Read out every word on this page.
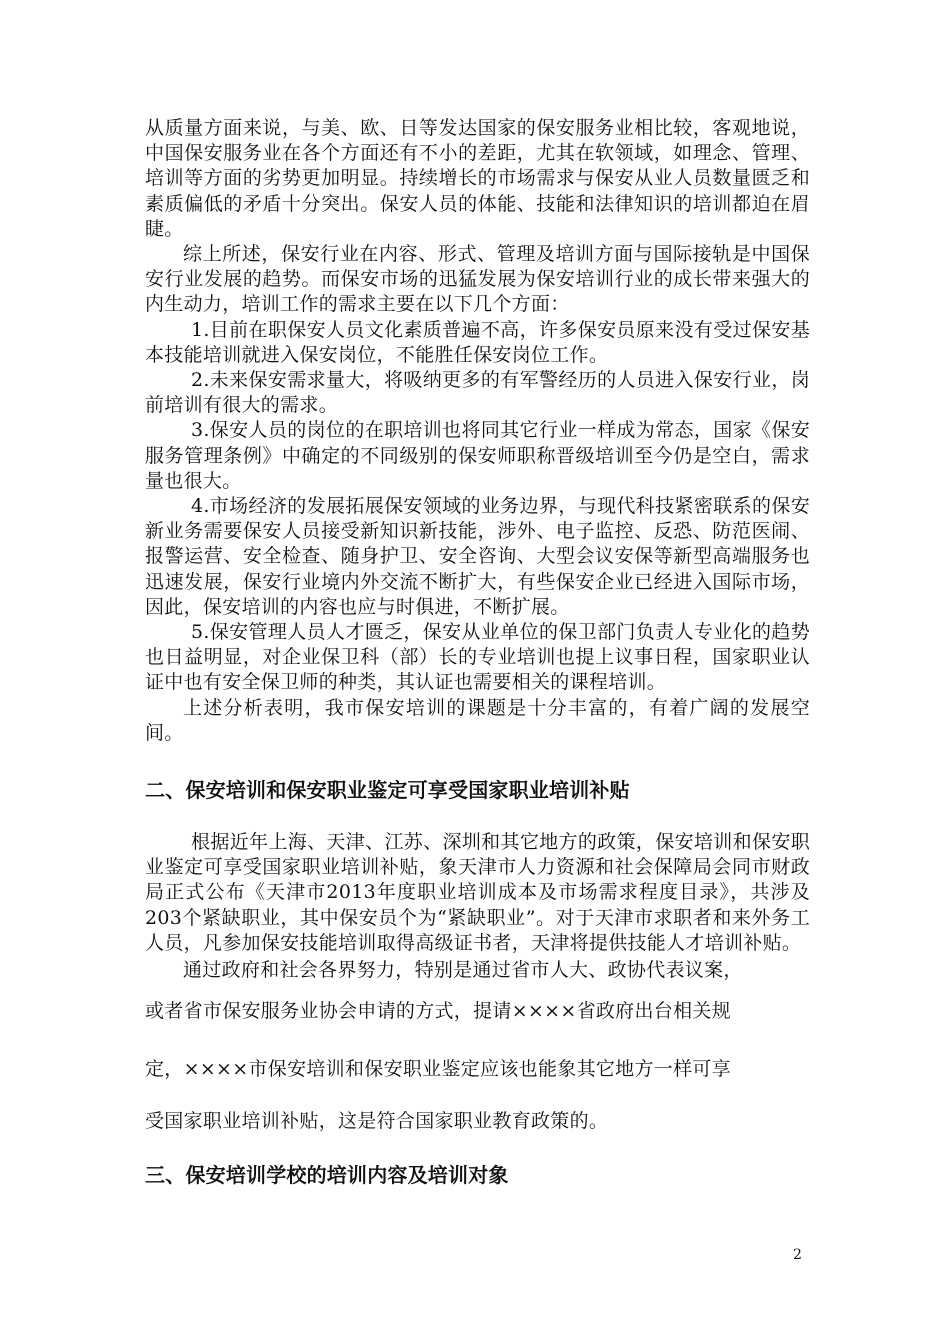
从质量方面来说，与美、欧、日等发达国家的保安服务业相比较，客观地说，中国保安服务业在各个方面还有不小的差距，尤其在软领域，如理念、管理、培训等方面的劣势更加明显。持续增长的市场需求与保安从业人员数量匮乏和素质偏低的矛盾十分突出。保安人员的体能、技能和法律知识的培训都迫在眉睫。

综上所述，保安行业在内容、形式、管理及培训方面与国际接轨是中国保安行业发展的趋势。而保安市场的迅猛发展为保安培训行业的成长带来强大的内生动力，培训工作的需求主要在以下几个方面：

1.目前在职保安人员文化素质普遍不高，许多保安员原来没有受过保安基本技能培训就进入保安岗位，不能胜任保安岗位工作。

2.未来保安需求量大，将吸纳更多的有军警经历的人员进入保安行业，岗前培训有很大的需求。

3.保安人员的岗位的在职培训也将同其它行业一样成为常态，国家《保安服务管理条例》中确定的不同级别的保安师职称晋级培训至今仍是空白，需求量也很大。

4.市场经济的发展拓展保安领域的业务边界，与现代科技紧密联系的保安新业务需要保安人员接受新知识新技能，涉外、电子监控、反恐、防范医闹、报警运营、安全检查、随身护卫、安全咨询、大型会议安保等新型高端服务也迅速发展，保安行业境内外交流不断扩大，有些保安企业已经进入国际市场，因此，保安培训的内容也应与时俱进，不断扩展。

5.保安管理人员人才匮乏，保安从业单位的保卫部门负责人专业化的趋势也日益明显，对企业保卫科（部）长的专业培训也提上议事日程，国家职业认证中也有安全保卫师的种类，其认证也需要相关的课程培训。

上述分析表明，我市保安培训的课题是十分丰富的，有着广阔的发展空间。

二、保安培训和保安职业鉴定可享受国家职业培训补贴

根据近年上海、天津、江苏、深圳和其它地方的政策，保安培训和保安职业鉴定可享受国家职业培训补贴，象天津市人力资源和社会保障局会同市财政局正式公布《天津市2013年度职业培训成本及市场需求程度目录》，共涉及203个紧缺职业，其中保安员个为“紧缺职业”。对于天津市求职者和来外务工人员，凡参加保安技能培训取得高级证书者，天津将提供技能人才培训补贴。

通过政府和社会各界努力，特别是通过省市人大、政协代表议案，

或者省市保安服务业协会申请的方式，提请××××省政府出台相关规

定，××××市保安培训和保安职业鉴定应该也能象其它地方一样可享

受国家职业培训补贴，这是符合国家职业教育政策的。

三、保安培训学校的培训内容及培训对象
2
